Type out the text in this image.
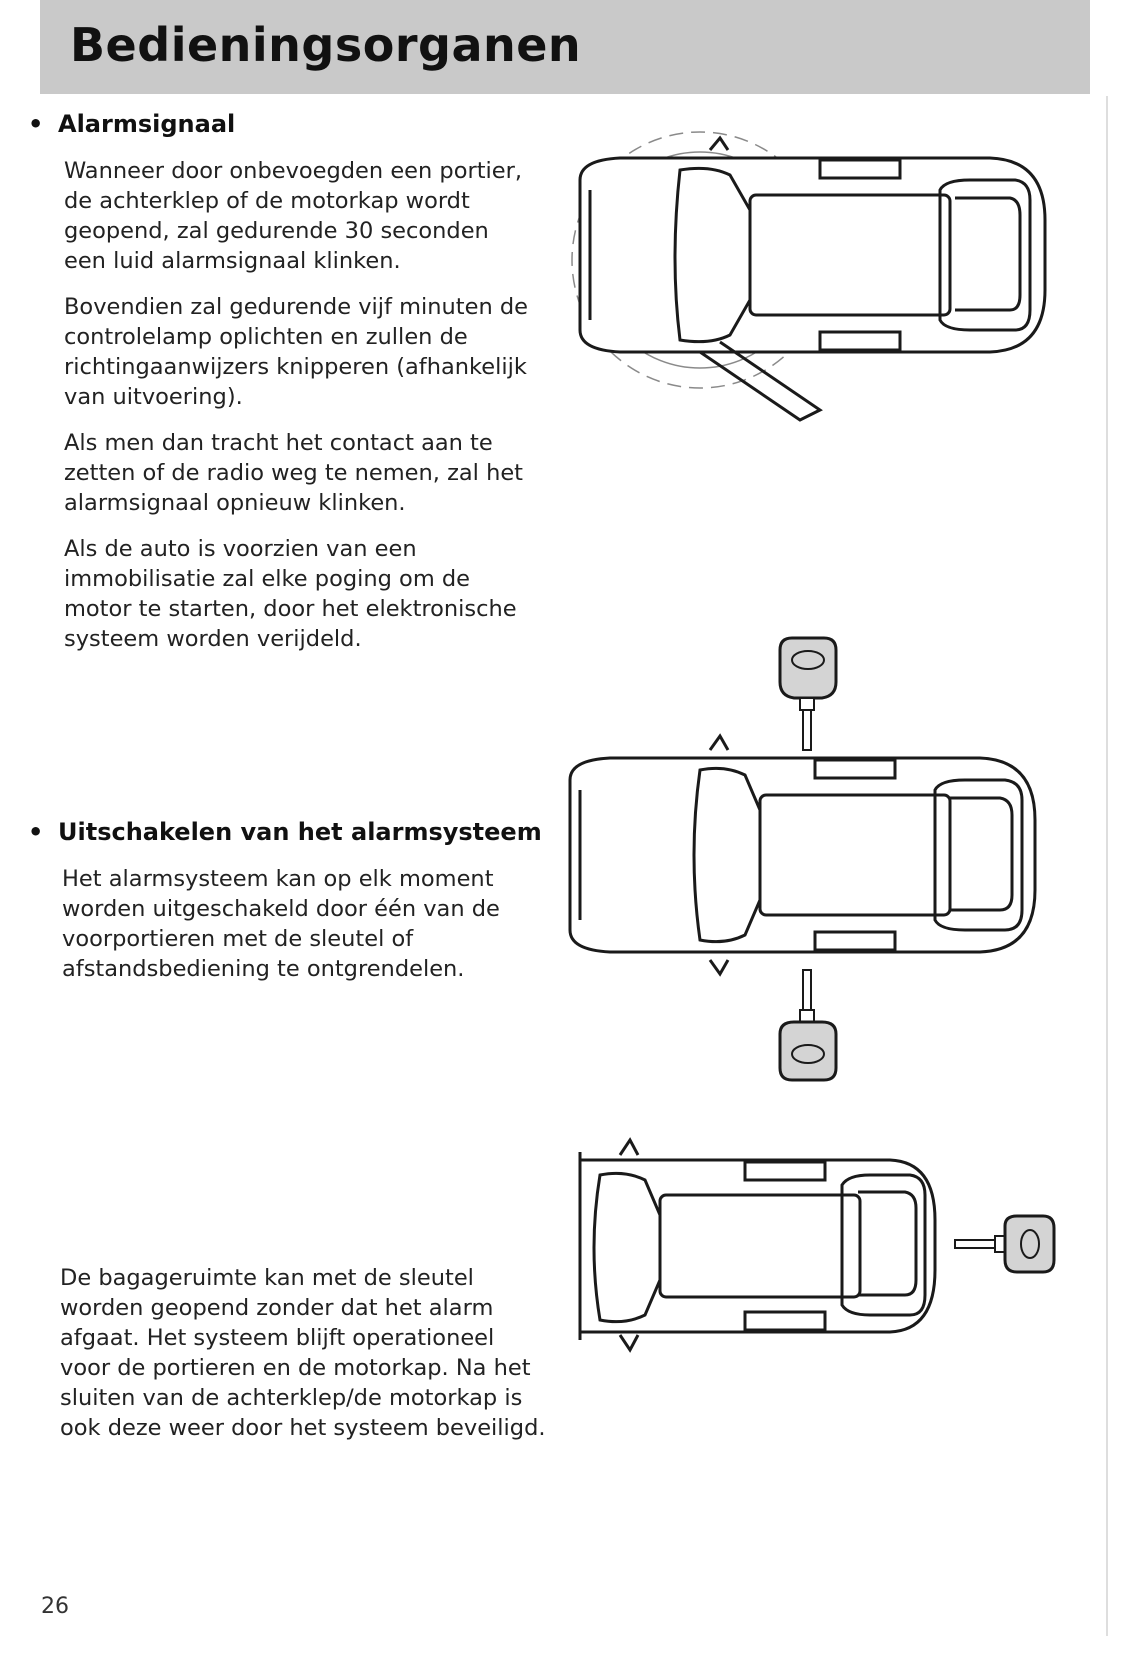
Bedieningsorganen
• Alarmsignaal

Wanneer door onbevoegden een portier, de achterklep of de motorkap wordt geopend, zal gedurende 30 seconden een luid alarmsignaal klinken.

Bovendien zal gedurende vijf minuten de controlelamp oplichten en zullen de richtingaanwijzers knipperen (afhankelijk van uitvoering).

Als men dan tracht het contact aan te zetten of de radio weg te nemen, zal het alarmsignaal opnieuw klinken.

Als de auto is voorzien van een immobilisatie zal elke poging om de motor te starten, door het elektronische systeem worden verijdeld.

• Uitschakelen van het alarmsysteem

Het alarmsysteem kan op elk moment worden uitgeschakeld door één van de voorportieren met de sleutel of afstandsbediening te ontgrendelen.

De bagageruimte kan met de sleutel worden geopend zonder dat het alarm afgaat. Het systeem blijft operationeel voor de portieren en de motorkap. Na het sluiten van de achterklep/de motorkap is ook deze weer door het systeem beveiligd.

26
